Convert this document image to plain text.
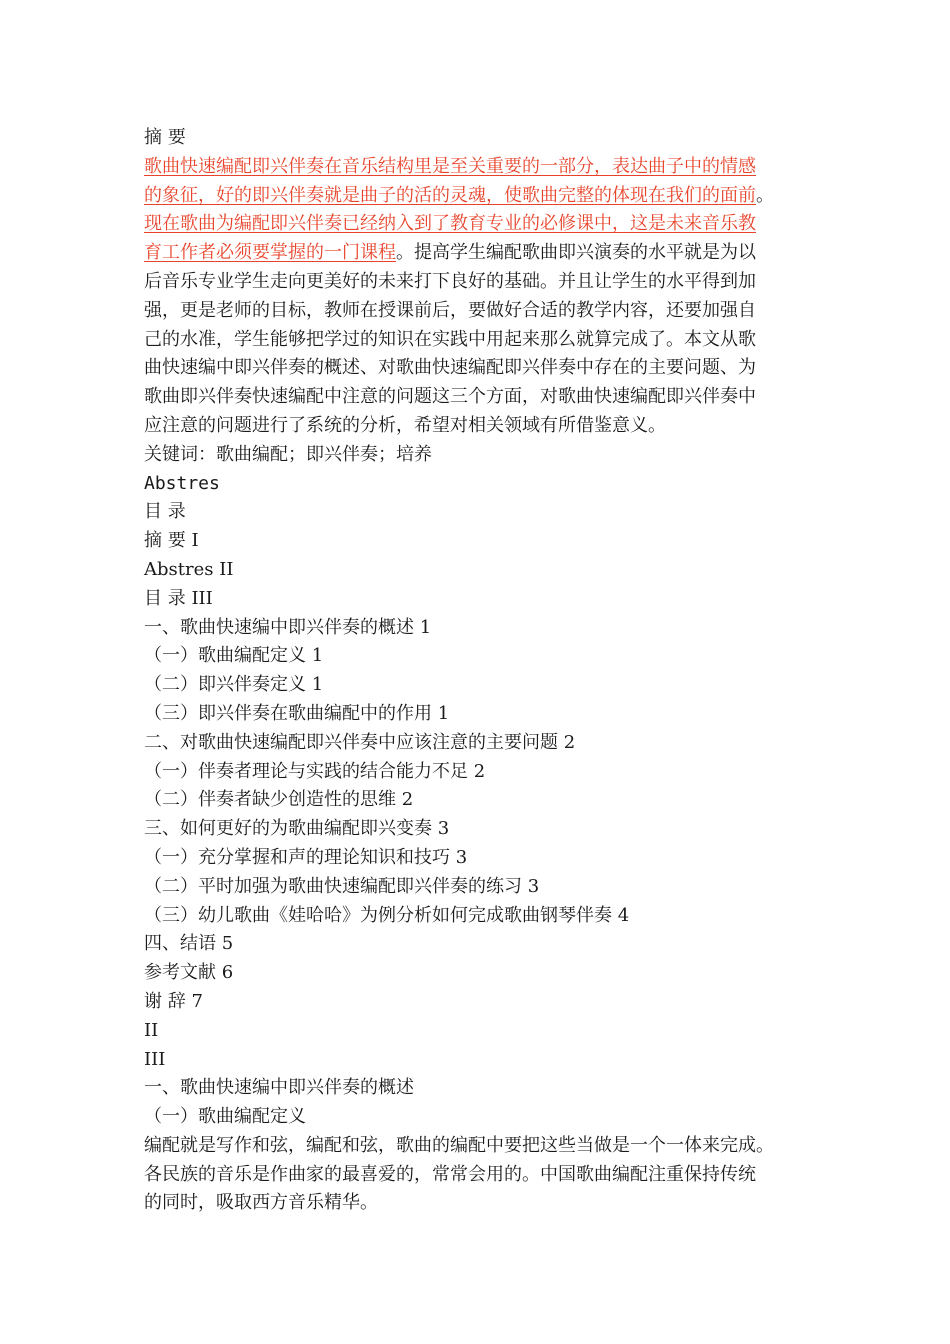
摘 要
歌曲快速编配即兴伴奏在音乐结构里是至关重要的一部分，表达曲子中的情感
的象征，好的即兴伴奏就是曲子的活的灵魂，使歌曲完整的体现在我们的面前。
现在歌曲为编配即兴伴奏已经纳入到了教育专业的必修课中，这是未来音乐教
育工作者必须要掌握的一门课程。提高学生编配歌曲即兴演奏的水平就是为以
后音乐专业学生走向更美好的未来打下良好的基础。并且让学生的水平得到加
强，更是老师的目标，教师在授课前后，要做好合适的教学内容，还要加强自
己的水准，学生能够把学过的知识在实践中用起来那么就算完成了。本文从歌
曲快速编中即兴伴奏的概述、对歌曲快速编配即兴伴奏中存在的主要问题、为
歌曲即兴伴奏快速编配中注意的问题这三个方面，对歌曲快速编配即兴伴奏中
应注意的问题进行了系统的分析，希望对相关领域有所借鉴意义。
关键词：歌曲编配；即兴伴奏；培养
Abstres
目 录
摘 要 I
Abstres II
目 录 III
一、歌曲快速编中即兴伴奏的概述 1
（一）歌曲编配定义 1
（二）即兴伴奏定义 1
（三）即兴伴奏在歌曲编配中的作用 1
二、对歌曲快速编配即兴伴奏中应该注意的主要问题 2
（一）伴奏者理论与实践的结合能力不足 2
（二）伴奏者缺少创造性的思维 2
三、如何更好的为歌曲编配即兴变奏 3
（一）充分掌握和声的理论知识和技巧 3
（二）平时加强为歌曲快速编配即兴伴奏的练习 3
（三）幼儿歌曲《娃哈哈》为例分析如何完成歌曲钢琴伴奏 4
四、结语 5
参考文献 6
谢 辞 7
II
III
一、歌曲快速编中即兴伴奏的概述
（一）歌曲编配定义
编配就是写作和弦，编配和弦，歌曲的编配中要把这些当做是一个一体来完成。
各民族的音乐是作曲家的最喜爱的，常常会用的。中国歌曲编配注重保持传统
的同时，吸取西方音乐精华。
